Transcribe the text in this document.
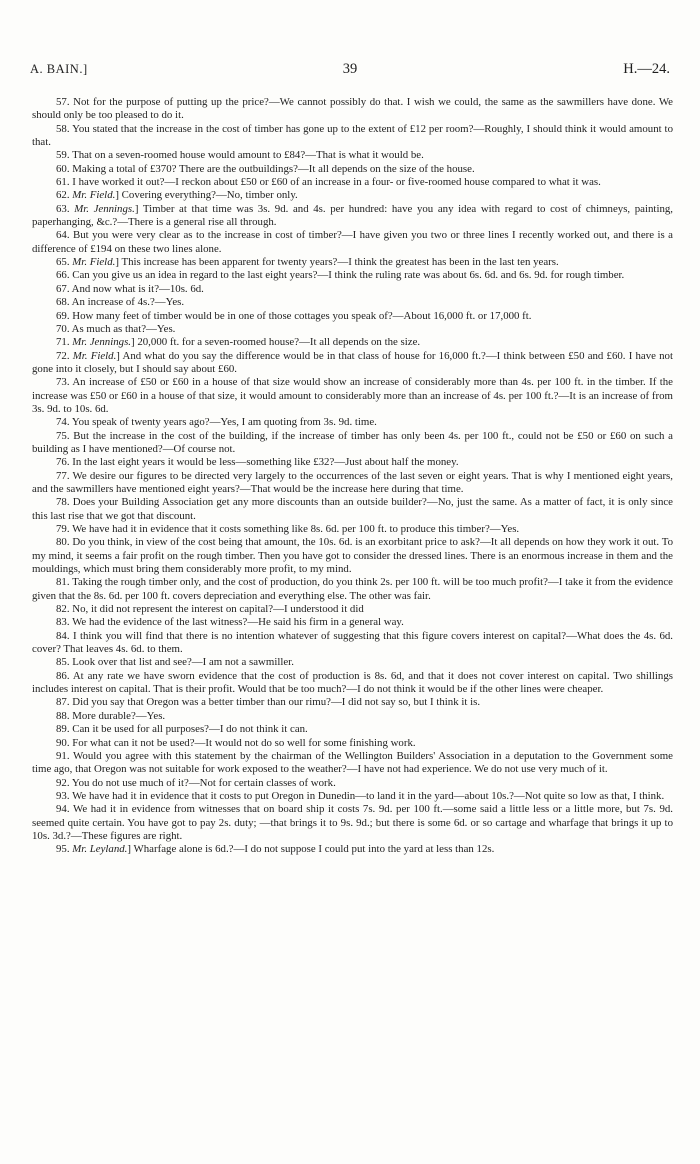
A. BAIN.]	39	H.—24.

57. Not for the purpose of putting up the price?—We cannot possibly do that. I wish we could, the same as the sawmillers have done. We should only be too pleased to do it.

58. You stated that the increase in the cost of timber has gone up to the extent of £12 per room?—Roughly, I should think it would amount to that.

59. That on a seven-roomed house would amount to £84?—That is what it would be.

60. Making a total of £370? There are the outbuildings?—It all depends on the size of the house.

61. I have worked it out?—I reckon about £50 or £60 of an increase in a four- or five-roomed house compared to what it was.

62. Mr. Field.] Covering everything?—No, timber only.

63. Mr. Jennings.] Timber at that time was 3s. 9d. and 4s. per hundred: have you any idea with regard to cost of chimneys, painting, paperhanging, &c.?—There is a general rise all through.

64. But you were very clear as to the increase in cost of timber?—I have given you two or three lines I recently worked out, and there is a difference of £194 on these two lines alone.

65. Mr. Field.] This increase has been apparent for twenty years?—I think the greatest has been in the last ten years.

66. Can you give us an idea in regard to the last eight years?—I think the ruling rate was about 6s. 6d. and 6s. 9d. for rough timber.

67. And now what is it?—10s. 6d.

68. An increase of 4s.?—Yes.

69. How many feet of timber would be in one of those cottages you speak of?—About 16,000 ft. or 17,000 ft.

70. As much as that?—Yes.

71. Mr. Jennings.] 20,000 ft. for a seven-roomed house?—It all depends on the size.

72. Mr. Field.] And what do you say the difference would be in that class of house for 16,000 ft.?—I think between £50 and £60. I have not gone into it closely, but I should say about £60.

73. An increase of £50 or £60 in a house of that size would show an increase of considerably more than 4s. per 100 ft. in the timber. If the increase was £50 or £60 in a house of that size, it would amount to considerably more than an increase of 4s. per 100 ft.?—It is an increase of from 3s. 9d. to 10s. 6d.

74. You speak of twenty years ago?—Yes, I am quoting from 3s. 9d. time.

75. But the increase in the cost of the building, if the increase of timber has only been 4s. per 100 ft., could not be £50 or £60 on such a building as I have mentioned?—Of course not.

76. In the last eight years it would be less—something like £32?—Just about half the money.

77. We desire our figures to be directed very largely to the occurrences of the last seven or eight years. That is why I mentioned eight years, and the sawmillers have mentioned eight years?—That would be the increase here during that time.

78. Does your Building Association get any more discounts than an outside builder?—No, just the same. As a matter of fact, it is only since this last rise that we got that discount.

79. We have had it in evidence that it costs something like 8s. 6d. per 100 ft. to produce this timber?—Yes.

80. Do you think, in view of the cost being that amount, the 10s. 6d. is an exorbitant price to ask?—It all depends on how they work it out. To my mind, it seems a fair profit on the rough timber. Then you have got to consider the dressed lines. There is an enormous increase in them and the mouldings, which must bring them considerably more profit, to my mind.

81. Taking the rough timber only, and the cost of production, do you think 2s. per 100 ft. will be too much profit?—I take it from the evidence given that the 8s. 6d. per 100 ft. covers depreciation and everything else. The other was fair.

82. No, it did not represent the interest on capital?—I understood it did

83. We had the evidence of the last witness?—He said his firm in a general way.

84. I think you will find that there is no intention whatever of suggesting that this figure covers interest on capital?—What does the 4s. 6d. cover? That leaves 4s. 6d. to them.

85. Look over that list and see?—I am not a sawmiller.

86. At any rate we have sworn evidence that the cost of production is 8s. 6d, and that it does not cover interest on capital. Two shillings includes interest on capital. That is their profit. Would that be too much?—I do not think it would be if the other lines were cheaper.

87. Did you say that Oregon was a better timber than our rimu?—I did not say so, but I think it is.

88. More durable?—Yes.

89. Can it be used for all purposes?—I do not think it can.

90. For what can it not be used?—It would not do so well for some finishing work.

91. Would you agree with this statement by the chairman of the Wellington Builders' Association in a deputation to the Government some time ago, that Oregon was not suitable for work exposed to the weather?—I have not had experience. We do not use very much of it.

92. You do not use much of it?—Not for certain classes of work.

93. We have had it in evidence that it costs to put Oregon in Dunedin—to land it in the yard—about 10s.?—Not quite so low as that, I think.

94. We had it in evidence from witnesses that on board ship it costs 7s. 9d. per 100 ft.—some said a little less or a little more, but 7s. 9d. seemed quite certain. You have got to pay 2s. duty; —that brings it to 9s. 9d.; but there is some 6d. or so cartage and wharfage that brings it up to 10s. 3d.?—These figures are right.

95. Mr. Leyland.] Wharfage alone is 6d.?—I do not suppose I could put into the yard at less than 12s.
